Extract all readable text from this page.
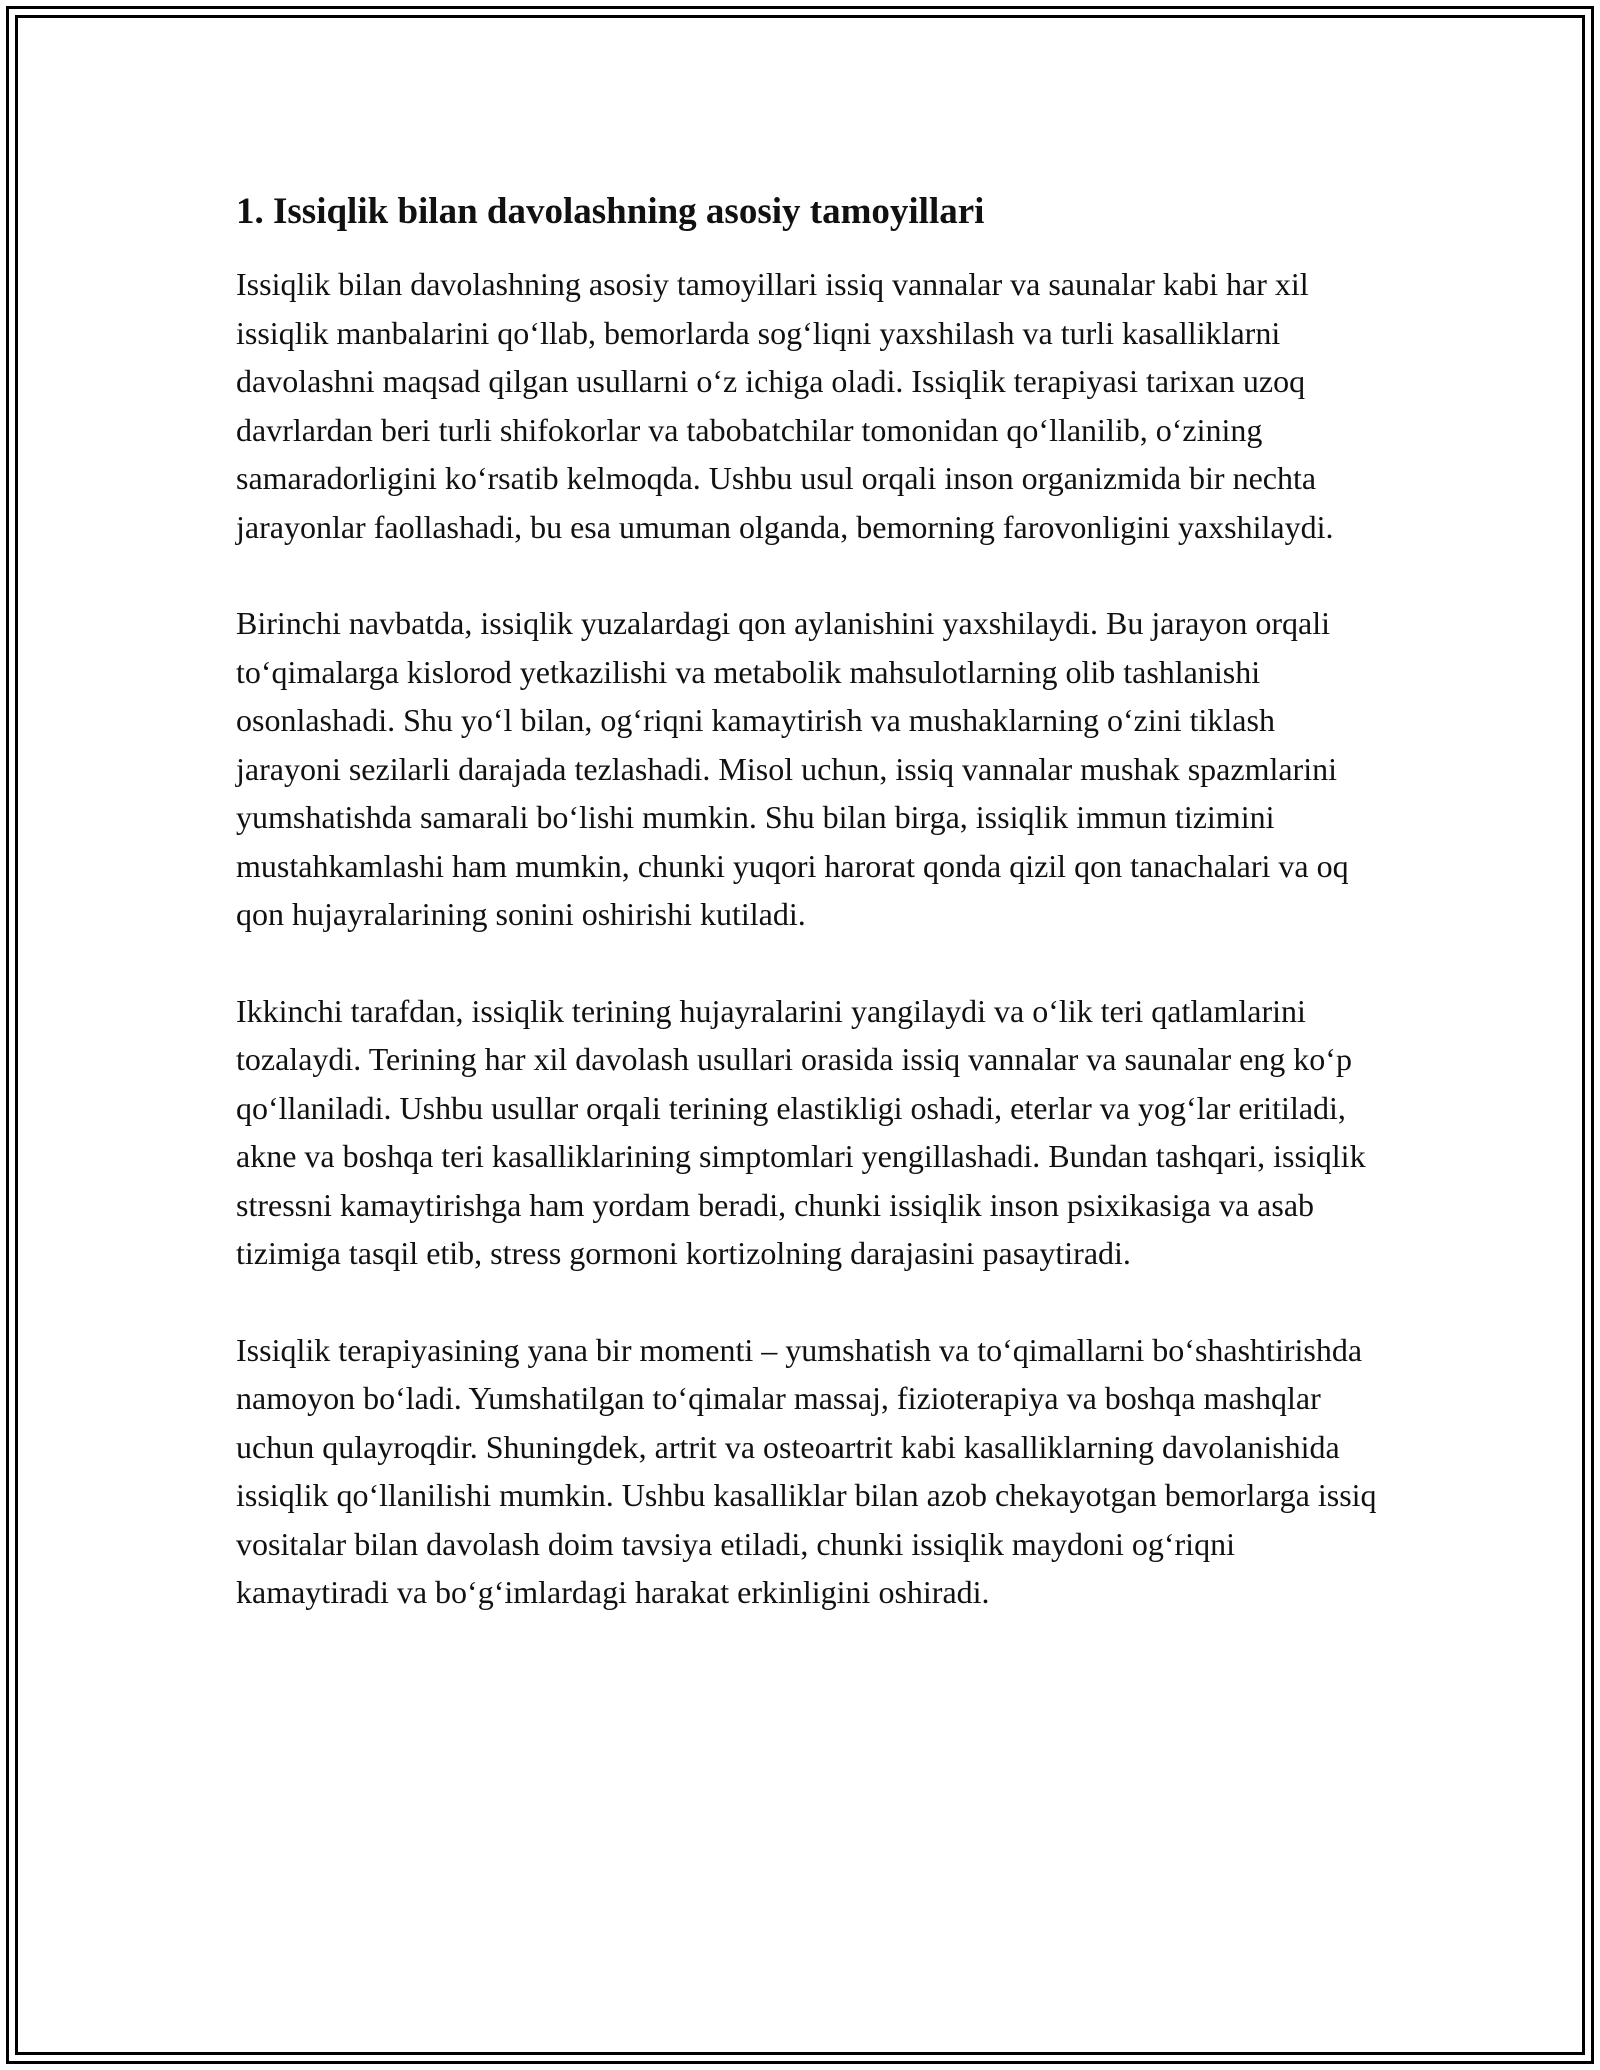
1. Issiqlik bilan davolashning asosiy tamoyillari

Issiqlik bilan davolashning asosiy tamoyillari issiq vannalar va saunalar kabi har xil issiqlik manbalarini qo‘llab, bemorlarda sog‘liqni yaxshilash va turli kasalliklarni davolashni maqsad qilgan usullarni o‘z ichiga oladi. Issiqlik terapiyasi tarixan uzoq davrlardan beri turli shifokorlar va tabobatchilar tomonidan qo‘llanilib, o‘zining samaradorligini ko‘rsatib kelmoqda. Ushbu usul orqali inson organizmida bir nechta jarayonlar faollashadi, bu esa umuman olganda, bemorning farovonligini yaxshilaydi.

Birinchi navbatda, issiqlik yuzalardagi qon aylanishini yaxshilaydi. Bu jarayon orqali to‘qimalarga kislorod yetkazilishi va metabolik mahsulotlarning olib tashlanishi osonlashadi. Shu yo‘l bilan, og‘riqni kamaytirish va mushaklarning o‘zini tiklash jarayoni sezilarli darajada tezlashadi. Misol uchun, issiq vannalar mushak spazmlarini yumshatishda samarali bo‘lishi mumkin. Shu bilan birga, issiqlik immun tizimini mustahkamlashi ham mumkin, chunki yuqori harorat qonda qizil qon tanachalari va oq qon hujayralarining sonini oshirishi kutiladi.

Ikkinchi tarafdan, issiqlik terining hujayralarini yangilaydi va o‘lik teri qatlamlarini tozalaydi. Terining har xil davolash usullari orasida issiq vannalar va saunalar eng ko‘p qo‘llaniladi. Ushbu usullar orqali terining elastikligi oshadi, eterlar va yog‘lar eritiladi, akne va boshqa teri kasalliklarining simptomlari yengillashadi. Bundan tashqari, issiqlik stressni kamaytirishga ham yordam beradi, chunki issiqlik inson psixikasiga va asab tizimiga tasqil etib, stress gormoni kortizolning darajasini pasaytiradi.

Issiqlik terapiyasining yana bir momenti – yumshatish va to‘qimallarni bo‘shashtirishda namoyon bo‘ladi. Yumshatilgan to‘qimalar massaj, fizioterapiya va boshqa mashqlar uchun qulayroqdir. Shuningdek, artrit va osteoartrit kabi kasalliklarning davolanishida issiqlik qo‘llanilishi mumkin. Ushbu kasalliklar bilan azob chekayotgan bemorlarga issiq vositalar bilan davolash doim tavsiya etiladi, chunki issiqlik maydoni og‘riqni kamaytiradi va bo‘g‘imlardagi harakat erkinligini oshiradi.
